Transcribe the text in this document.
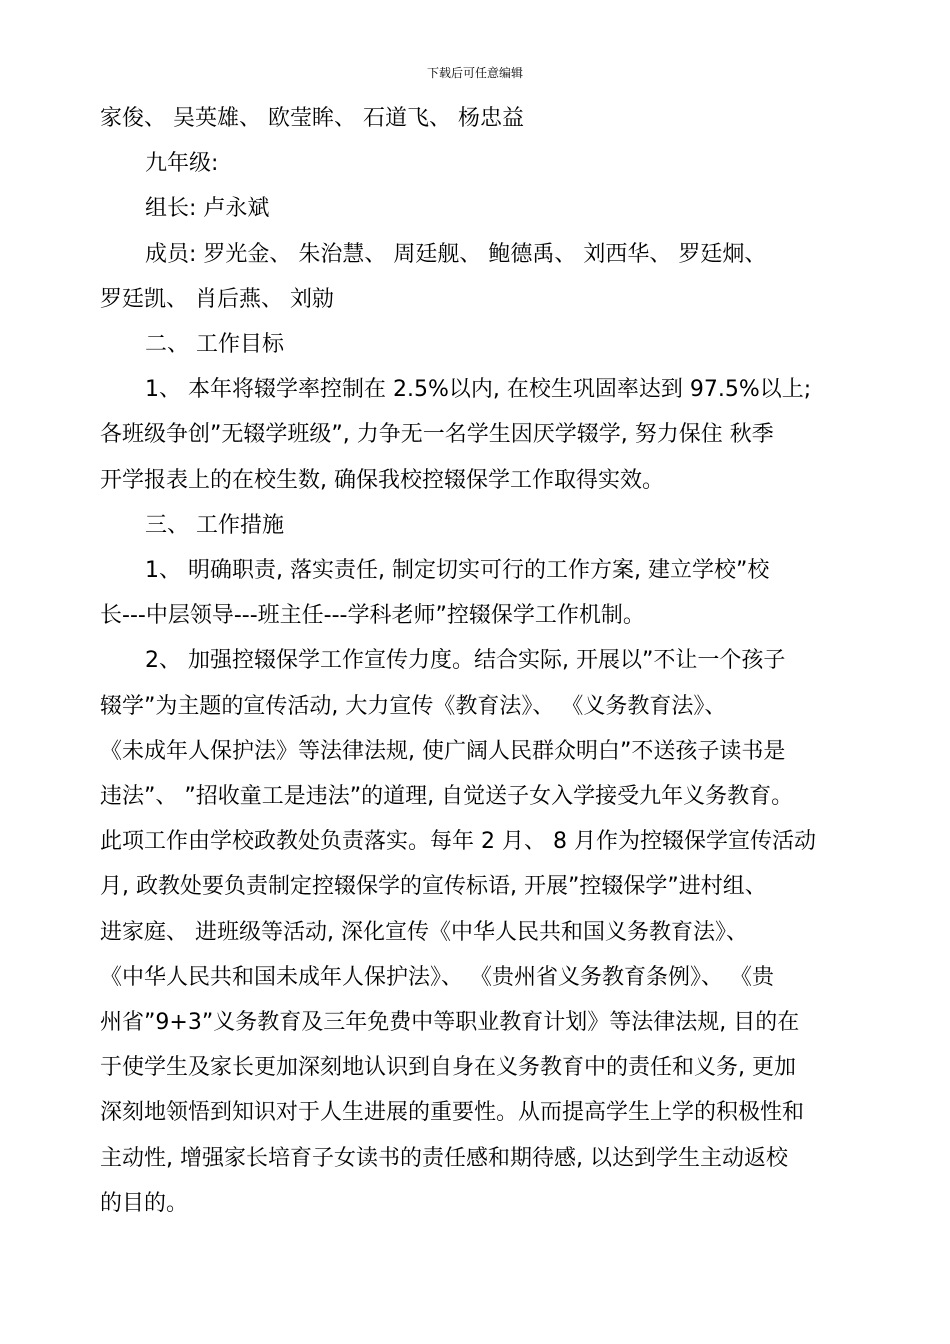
下载后可任意编辑

家俊、 吴英雄、 欧莹眸、 石道飞、 杨忠益

九年级:

组长: 卢永斌

成员: 罗光金、 朱治慧、 周廷舰、 鲍德禹、 刘西华、 罗廷炯、

罗廷凯、 肖后燕、 刘勍

二、 工作目标

1、 本年将辍学率控制在 2.5%以内, 在校生巩固率达到 97.5%以上;

各班级争创”无辍学班级”, 力争无一名学生因厌学辍学, 努力保住 秋季

开学报表上的在校生数, 确保我校控辍保学工作取得实效。

三、 工作措施

1、 明确职责, 落实责任, 制定切实可行的工作方案, 建立学校”校

长---中层领导---班主任---学科老师”控辍保学工作机制。

2、 加强控辍保学工作宣传力度。结合实际, 开展以”不让一个孩子

辍学”为主题的宣传活动, 大力宣传《教育法》、 《义务教育法》、

《未成年人保护法》等法律法规, 使广阔人民群众明白”不送孩子读书是

违法”、 ”招收童工是违法”的道理, 自觉送子女入学接受九年义务教育。

此项工作由学校政教处负责落实。每年 2 月、 8 月作为控辍保学宣传活动

月, 政教处要负责制定控辍保学的宣传标语, 开展”控辍保学”进村组、

进家庭、 进班级等活动, 深化宣传《中华人民共和国义务教育法》、

《中华人民共和国未成年人保护法》、 《贵州省义务教育条例》、 《贵

州省”9+3”义务教育及三年免费中等职业教育计划》等法律法规, 目的在

于使学生及家长更加深刻地认识到自身在义务教育中的责任和义务, 更加

深刻地领悟到知识对于人生进展的重要性。从而提高学生上学的积极性和

主动性, 增强家长培育子女读书的责任感和期待感, 以达到学生主动返校

的目的。
